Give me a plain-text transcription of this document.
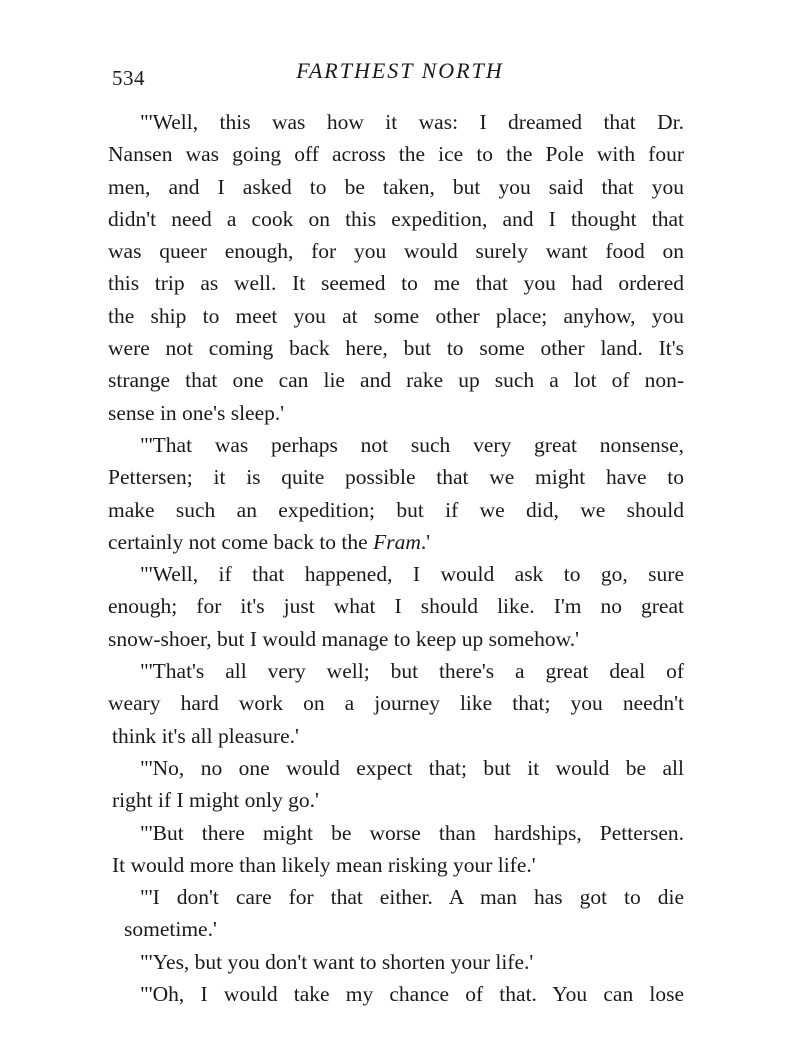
534	FARTHEST NORTH
"'Well, this was how it was: I dreamed that Dr.
Nansen was going off across the ice to the Pole with four
men, and I asked to be taken, but you said that you
didn't need a cook on this expedition, and I thought that
was queer enough, for you would surely want food on
this trip as well. It seemed to me that you had ordered
the ship to meet you at some other place; anyhow, you
were not coming back here, but to some other land. It's
strange that one can lie and rake up such a lot of non-
sense in one's sleep.'
"'That was perhaps not such very great nonsense,
Pettersen; it is quite possible that we might have to
make such an expedition; but if we did, we should
certainly not come back to the Fram.'
"'Well, if that happened, I would ask to go, sure
enough; for it's just what I should like. I'm no great
snow-shoer, but I would manage to keep up somehow.'
"'That's all very well; but there's a great deal of
weary hard work on a journey like that; you needn't
think it's all pleasure.'
"'No, no one would expect that; but it would be all
right if I might only go.'
"'But there might be worse than hardships, Pettersen.
It would more than likely mean risking your life.'
"'I don't care for that either. A man has got to die
sometime.'
"'Yes, but you don't want to shorten your life.'
"'Oh, I would take my chance of that. You can lose
